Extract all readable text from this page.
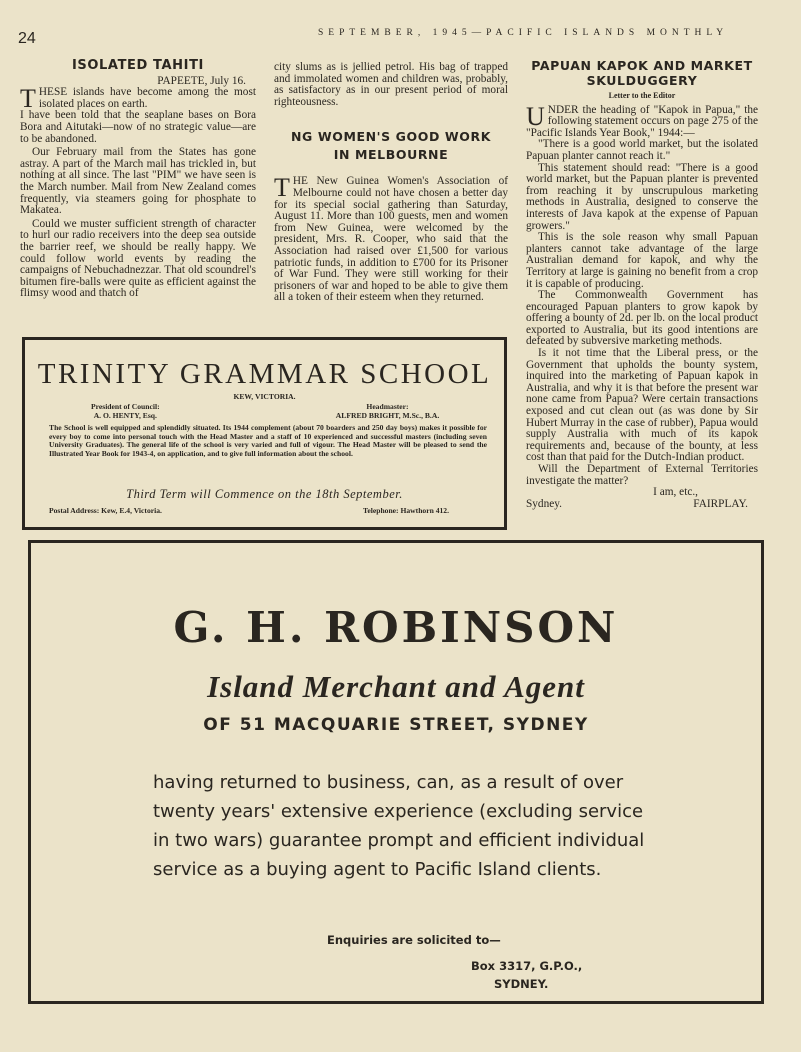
24	SEPTEMBER, 1945—PACIFIC ISLANDS MONTHLY
ISOLATED TAHITI
PAPEETE, July 16.

THESE islands have become among the most isolated places on earth.

I have been told that the seaplane bases on Bora Bora and Aitutaki—now of no strategic value—are to be abandoned.

Our February mail from the States has gone astray. A part of the March mail has trickled in, but nothing at all since. The last "PIM" we have seen is the March number. Mail from New Zealand comes frequently, via steamers going for phosphate to Makatea.

Could we muster sufficient strength of character to hurl our radio receivers into the deep sea outside the barrier reef, we should be really happy. We could follow world events by reading the campaigns of Nebuchadnezzar. That old scoundrel's bitumen fire-balls were quite as efficient against the flimsy wood and thatch of

city slums as is jellied petrol. His bag of trapped and immolated women and children was, probably, as satisfactory as in our present period of moral righteousness.

NG WOMEN'S GOOD WORK
IN MELBOURNE

THE New Guinea Women's Association of Melbourne could not have chosen a better day for its special social gathering than Saturday, August 11. More than 100 guests, men and women from New Guinea, were welcomed by the president, Mrs. R. Cooper, who said that the Association had raised over £1,500 for various patriotic funds, in addition to £700 for its Prisoner of War Fund. They were still working for their prisoners of war and hoped to be able to give them all a token of their esteem when they returned.

PAPUAN KAPOK AND MARKET
SKULDUGGERY
Letter to the Editor

UNDER the heading of "Kapok in Papua," the following statement occurs on page 275 of the "Pacific Islands Year Book," 1944:—

"There is a good world market, but the isolated Papuan planter cannot reach it."

This statement should read: "There is a good world market, but the Papuan planter is prevented from reaching it by unscrupulous marketing methods in Australia, designed to conserve the interests of Java kapok at the expense of Papuan growers."

This is the sole reason why small Papuan planters cannot take advantage of the large Australian demand for kapok, and why the Territory at large is gaining no benefit from a crop it is capable of producing.

The Commonwealth Government has encouraged Papuan planters to grow kapok by offering a bounty of 2d. per lb. on the local product exported to Australia, but its good intentions are defeated by subversive marketing methods.

Is it not time that the Liberal press, or the Government that upholds the bounty system, inquired into the marketing of Papuan kapok in Australia, and why it is that before the present war none came from Papua? Were certain transactions exposed and cut clean out (as was done by Sir Hubert Murray in the case of rubber), Papua would supply Australia with much of its kapok requirements and, because of the bounty, at less cost than that paid for the Dutch-Indian product.

Will the Department of External Territories investigate the matter?

I am, etc.,
Sydney.	FAIRPLAY.
TRINITY GRAMMAR SCHOOL
KEW, VICTORIA.
President of Council:
A. O. HENTY, Esq.
Headmaster:
ALFRED BRIGHT, M.Sc., B.A.
The School is well equipped and splendidly situated. Its 1944 complement (about 70 boarders and 250 day boys) makes it possible for every boy to come into personal touch with the Head Master and a staff of 10 experienced and successful masters (including seven University Graduates). The general life of the school is very varied and full of vigour. The Head Master will be pleased to send the Illustrated Year Book for 1943-4, on application, and to give full information about the school.
Third Term will Commence on the 18th September.
Postal Address: Kew, E.4, Victoria.	Telephone: Hawthorn 412.
G. H. ROBINSON
Island Merchant and Agent
OF 51 MACQUARIE STREET, SYDNEY
having returned to business, can, as a result of over twenty years' extensive experience (excluding service in two wars) guarantee prompt and efficient individual service as a buying agent to Pacific Island clients.
Enquiries are solicited to—
Box 3317, G.P.O.,
SYDNEY.
